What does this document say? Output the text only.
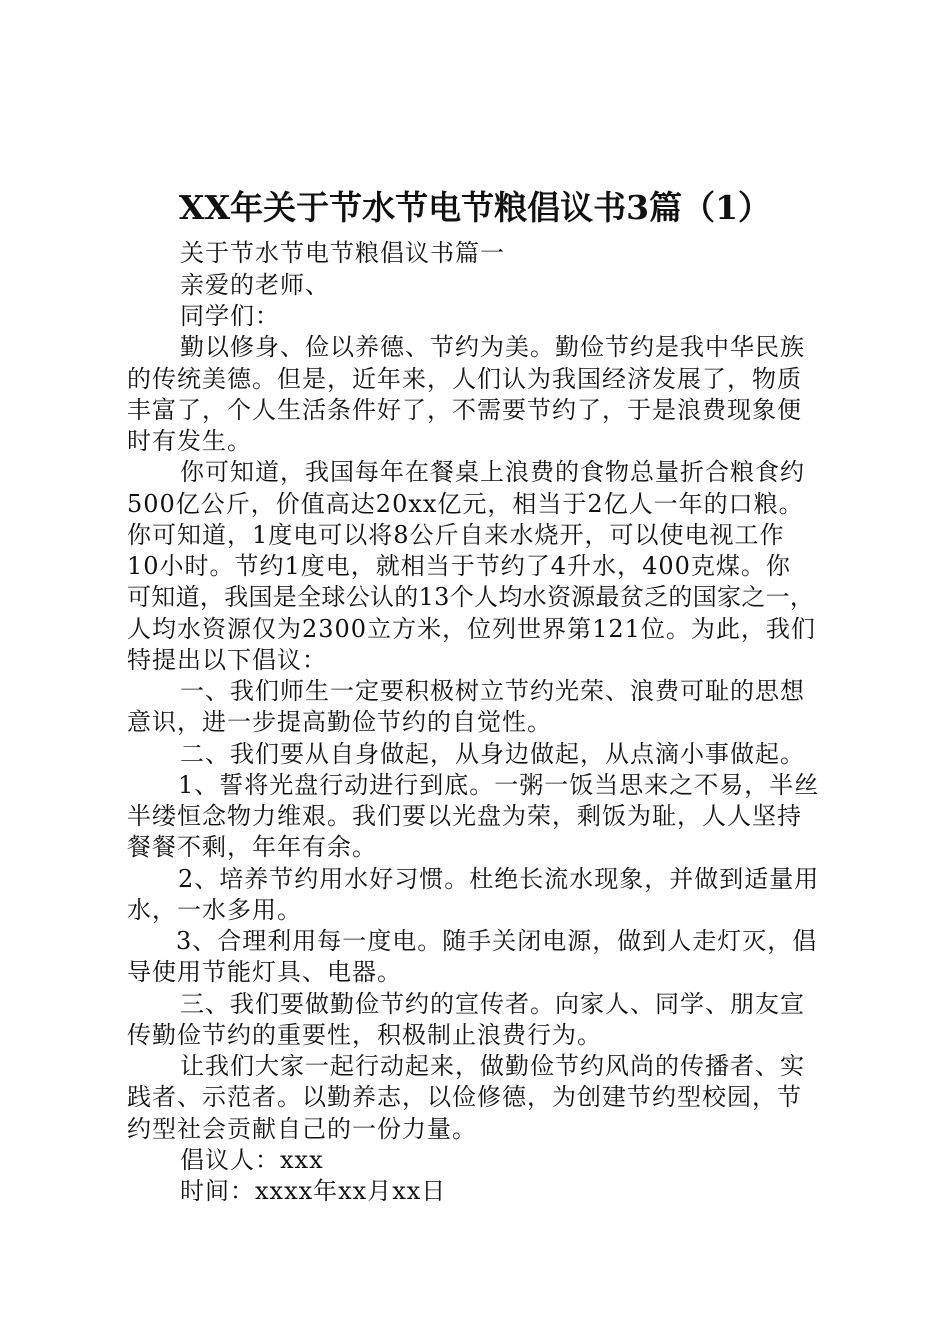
XX年关于节水节电节粮倡议书3篇（1）
关于节水节电节粮倡议书篇一
亲爱的老师、
同学们：
勤以修身、俭以养德、节约为美。勤俭节约是我中华民族
的传统美德。但是，近年来，人们认为我国经济发展了，物质
丰富了，个人生活条件好了，不需要节约了，于是浪费现象便
时有发生。
你可知道，我国每年在餐桌上浪费的食物总量折合粮食约
500亿公斤，价值高达20xx亿元，相当于2亿人一年的口粮。
你可知道，1度电可以将8公斤自来水烧开，可以使电视工作
10小时。节约1度电，就相当于节约了4升水，400克煤。你
可知道，我国是全球公认的13个人均水资源最贫乏的国家之一，
人均水资源仅为2300立方米，位列世界第121位。为此，我们
特提出以下倡议：
一、我们师生一定要积极树立节约光荣、浪费可耻的思想
意识，进一步提高勤俭节约的自觉性。
二、我们要从自身做起，从身边做起，从点滴小事做起。
1、誓将光盘行动进行到底。一粥一饭当思来之不易，半丝
半缕恒念物力维艰。我们要以光盘为荣，剩饭为耻，人人坚持
餐餐不剩，年年有余。
2、培养节约用水好习惯。杜绝长流水现象，并做到适量用
水，一水多用。
3、合理利用每一度电。随手关闭电源，做到人走灯灭，倡
导使用节能灯具、电器。
三、我们要做勤俭节约的宣传者。向家人、同学、朋友宣
传勤俭节约的重要性，积极制止浪费行为。
让我们大家一起行动起来，做勤俭节约风尚的传播者、实
践者、示范者。以勤养志，以俭修德，为创建节约型校园，节
约型社会贡献自己的一份力量。
倡议人：xxx
时间：xxxx年xx月xx日
